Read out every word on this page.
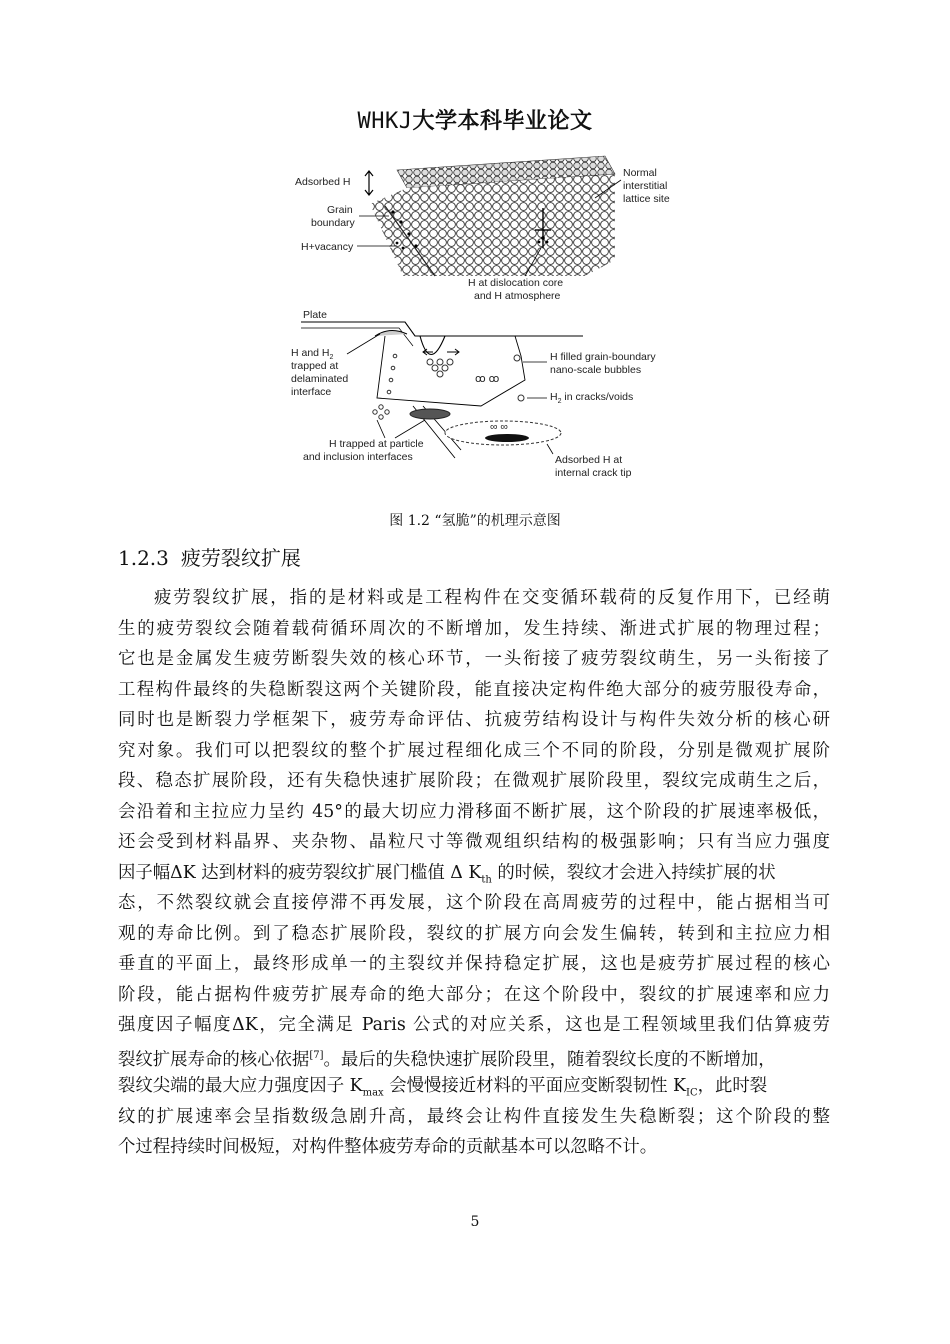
WHKJ大学本科毕业论文
Adsorbed H
Grain
boundary
H+vacancy
Normal
interstitial
lattice site
H at dislocation core
and H atmosphere
Plate
ꝏ ꝏ
∞ ∞
H and $H_2$
trapped at
delaminated
interface
H filled grain-boundary
nano-scale bubbles
$H_2$ in cracks/voids
H trapped at particle
and inclusion interfaces	Adsorbed H at
internal crack tip
图 1.2 “氢脆”的机理示意图
1.2.3 疲劳裂纹扩展
疲劳裂纹扩展，指的是材料或是工程构件在交变循环载荷的反复作用下，已经萌
生的疲劳裂纹会随着载荷循环周次的不断增加，发生持续、渐进式扩展的物理过程；
它也是金属发生疲劳断裂失效的核心环节，一头衔接了疲劳裂纹萌生，另一头衔接了
工程构件最终的失稳断裂这两个关键阶段，能直接决定构件绝大部分的疲劳服役寿命，
同时也是断裂力学框架下，疲劳寿命评估、抗疲劳结构设计与构件失效分析的核心研
究对象。我们可以把裂纹的整个扩展过程细化成三个不同的阶段，分别是微观扩展阶
段、稳态扩展阶段，还有失稳快速扩展阶段；在微观扩展阶段里，裂纹完成萌生之后，
会沿着和主拉应力呈约 45°的最大切应力滑移面不断扩展，这个阶段的扩展速率极低，
还会受到材料晶界、夹杂物、晶粒尺寸等微观组织结构的极强影响；只有当应力强度
因子幅ΔK 达到材料的疲劳裂纹扩展门槛值 Δ $K_{th}$ 的时候，裂纹才会进入持续扩展的状
态，不然裂纹就会直接停滞不再发展，这个阶段在高周疲劳的过程中，能占据相当可
观的寿命比例。到了稳态扩展阶段，裂纹的扩展方向会发生偏转，转到和主拉应力相
垂直的平面上，最终形成单一的主裂纹并保持稳定扩展，这也是疲劳扩展过程的核心
阶段，能占据构件疲劳扩展寿命的绝大部分；在这个阶段中，裂纹的扩展速率和应力
强度因子幅度ΔK，完全满足 Paris 公式的对应关系，这也是工程领域里我们估算疲劳
裂纹扩展寿命的核心依据[7]。最后的失稳快速扩展阶段里，随着裂纹长度的不断增加，
裂纹尖端的最大应力强度因子 $K_{max}$ 会慢慢接近材料的平面应变断裂韧性 $K_{IC}$，此时裂
纹的扩展速率会呈指数级急剧升高，最终会让构件直接发生失稳断裂；这个阶段的整
个过程持续时间极短，对构件整体疲劳寿命的贡献基本可以忽略不计。
5
